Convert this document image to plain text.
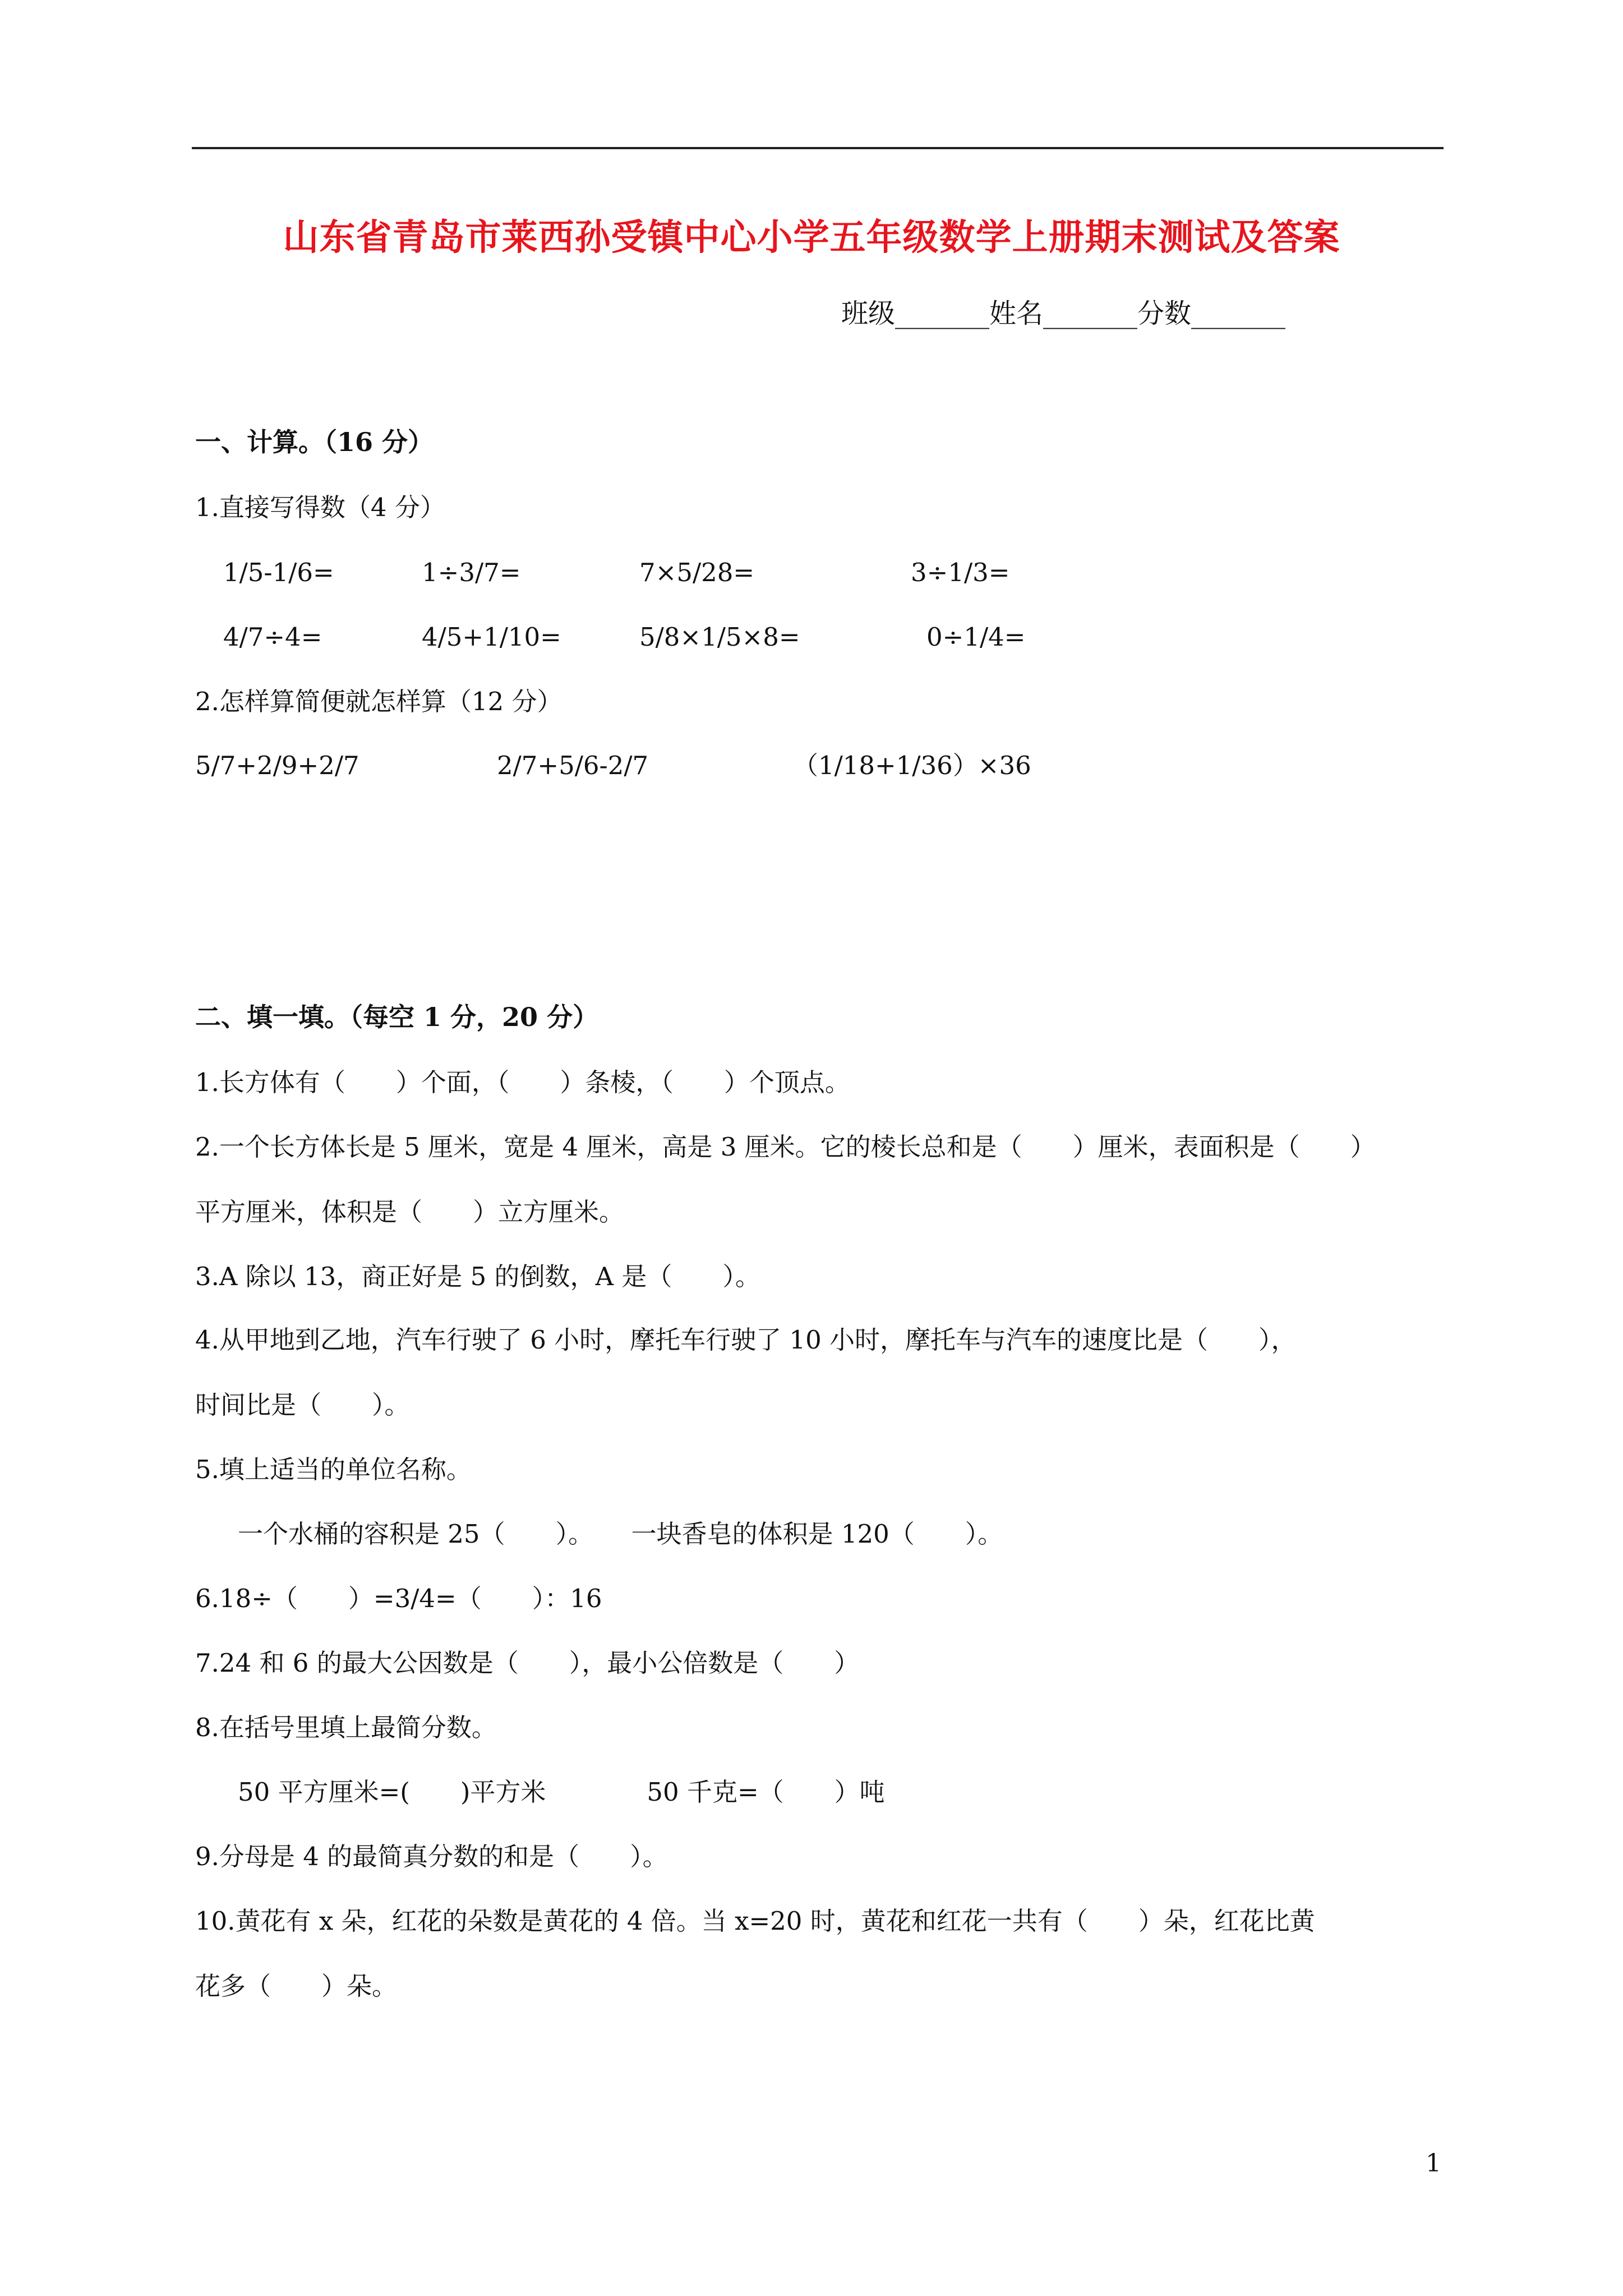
山东省青岛市莱西孙受镇中心小学五年级数学上册期末测试及答案
班级_______姓名_______分数_______
一、计算。（16 分）
1.直接写得数（4 分）
1/5-1/6=	1÷3/7=	7×5/28=	3÷1/3=
4/7÷4=	4/5+1/10=	5/8×1/5×8=	0÷1/4=
2.怎样算简便就怎样算（12 分）
5/7+2/9+2/7	2/7+5/6-2/7	（1/18+1/36）×36
二、填一填。（每空 1 分，20 分）
1.长方体有（　　）个面，（　　）条棱，（　　）个顶点。
2.一个长方体长是 5 厘米，宽是 4 厘米，高是 3 厘米。它的棱长总和是（　　）厘米，表面积是（　　）
平方厘米，体积是（　　）立方厘米。
3.A 除以 13，商正好是 5 的倒数，A 是（　　）。
4.从甲地到乙地，汽车行驶了 6 小时，摩托车行驶了 10 小时，摩托车与汽车的速度比是（　　），
时间比是（　　）。
5.填上适当的单位名称。
一个水桶的容积是 25（　　）。　　一块香皂的体积是 120（　　）。
6.18÷（　　）=3/4=（　　）：16
7.24 和 6 的最大公因数是（　　），最小公倍数是（　　）
8.在括号里填上最简分数。
50 平方厘米=(　　)平方米　　　　50 千克=（　　）吨
9.分母是 4 的最简真分数的和是（　　）。
10.黄花有 x 朵，红花的朵数是黄花的 4 倍。当 x=20 时，黄花和红花一共有（　　）朵，红花比黄
花多（　　）朵。
1
